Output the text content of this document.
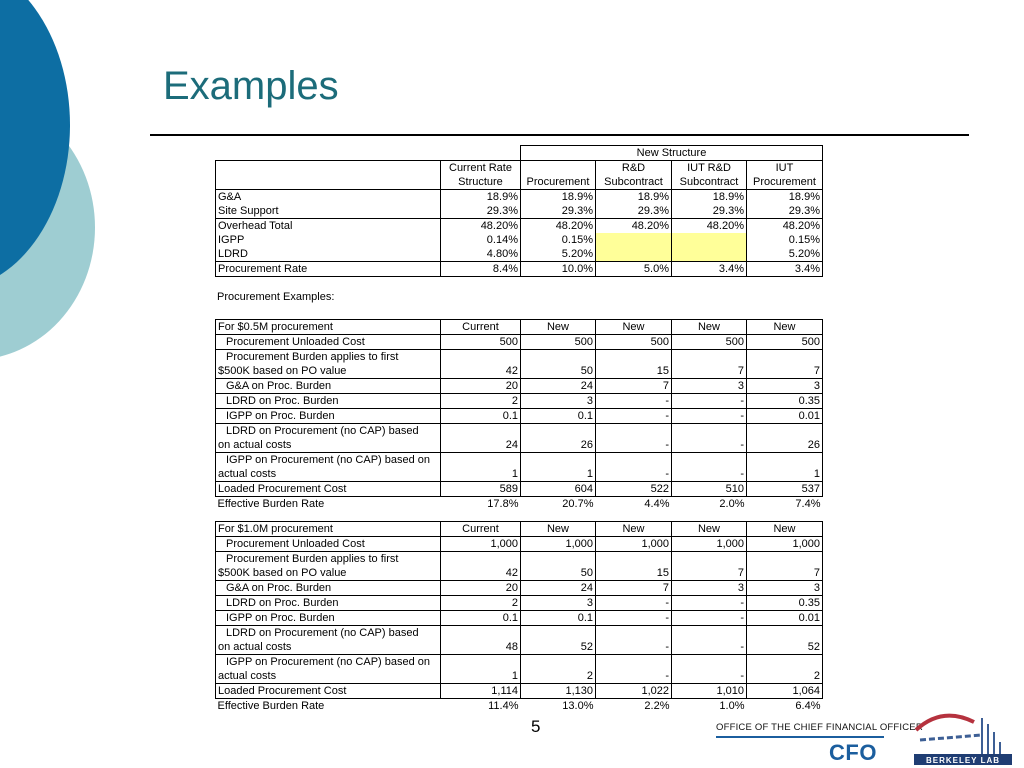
Examples
		New Structure			
	Current Rate		R&D	IUT R&D	IUT
	Structure	Procurement	Subcontract	Subcontract	Procurement
G&A	18.9%	18.9%	18.9%	18.9%	18.9%
Site Support	29.3%	29.3%	29.3%	29.3%	29.3%
Overhead Total	48.20%	48.20%	48.20%	48.20%	48.20%
IGPP	0.14%	0.15%			0.15%
LDRD	4.80%	5.20%			5.20%
Procurement Rate	8.4%	10.0%	5.0%	3.4%	3.4%
Procurement Examples:
For $0.5M procurement	Current	New	New	New	New
Procurement Unloaded Cost	500	500	500	500	500
Procurement Burden applies to first					
$500K based on PO value	42	50	15	7	7
G&A on Proc. Burden	20	24	7	3	3
LDRD on Proc. Burden	2	3	-	-	0.35
IGPP on Proc. Burden	0.1	0.1	-	-	0.01
LDRD on Procurement (no CAP) based					
on actual costs	24	26	-	-	26
IGPP on Procurement (no CAP) based on					
actual costs	1	1	-	-	1
Loaded Procurement Cost	589	604	522	510	537
Effective Burden Rate	17.8%	20.7%	4.4%	2.0%	7.4%
For $1.0M procurement	Current	New	New	New	New
Procurement Unloaded Cost	1,000	1,000	1,000	1,000	1,000
Procurement Burden applies to first					
$500K based on PO value	42	50	15	7	7
G&A on Proc. Burden	20	24	7	3	3
LDRD on Proc. Burden	2	3	-	-	0.35
IGPP on Proc. Burden	0.1	0.1	-	-	0.01
LDRD on Procurement (no CAP) based					
on actual costs	48	52	-	-	52
IGPP on Procurement (no CAP) based on					
actual costs	1	2	-	-	2
Loaded Procurement Cost	1,114	1,130	1,022	1,010	1,064
Effective Burden Rate	11.4%	13.0%	2.2%	1.0%	6.4%
5	OFFICE OF THE CHIEF FINANCIAL OFFICER
CFO	BERKELEY LAB
